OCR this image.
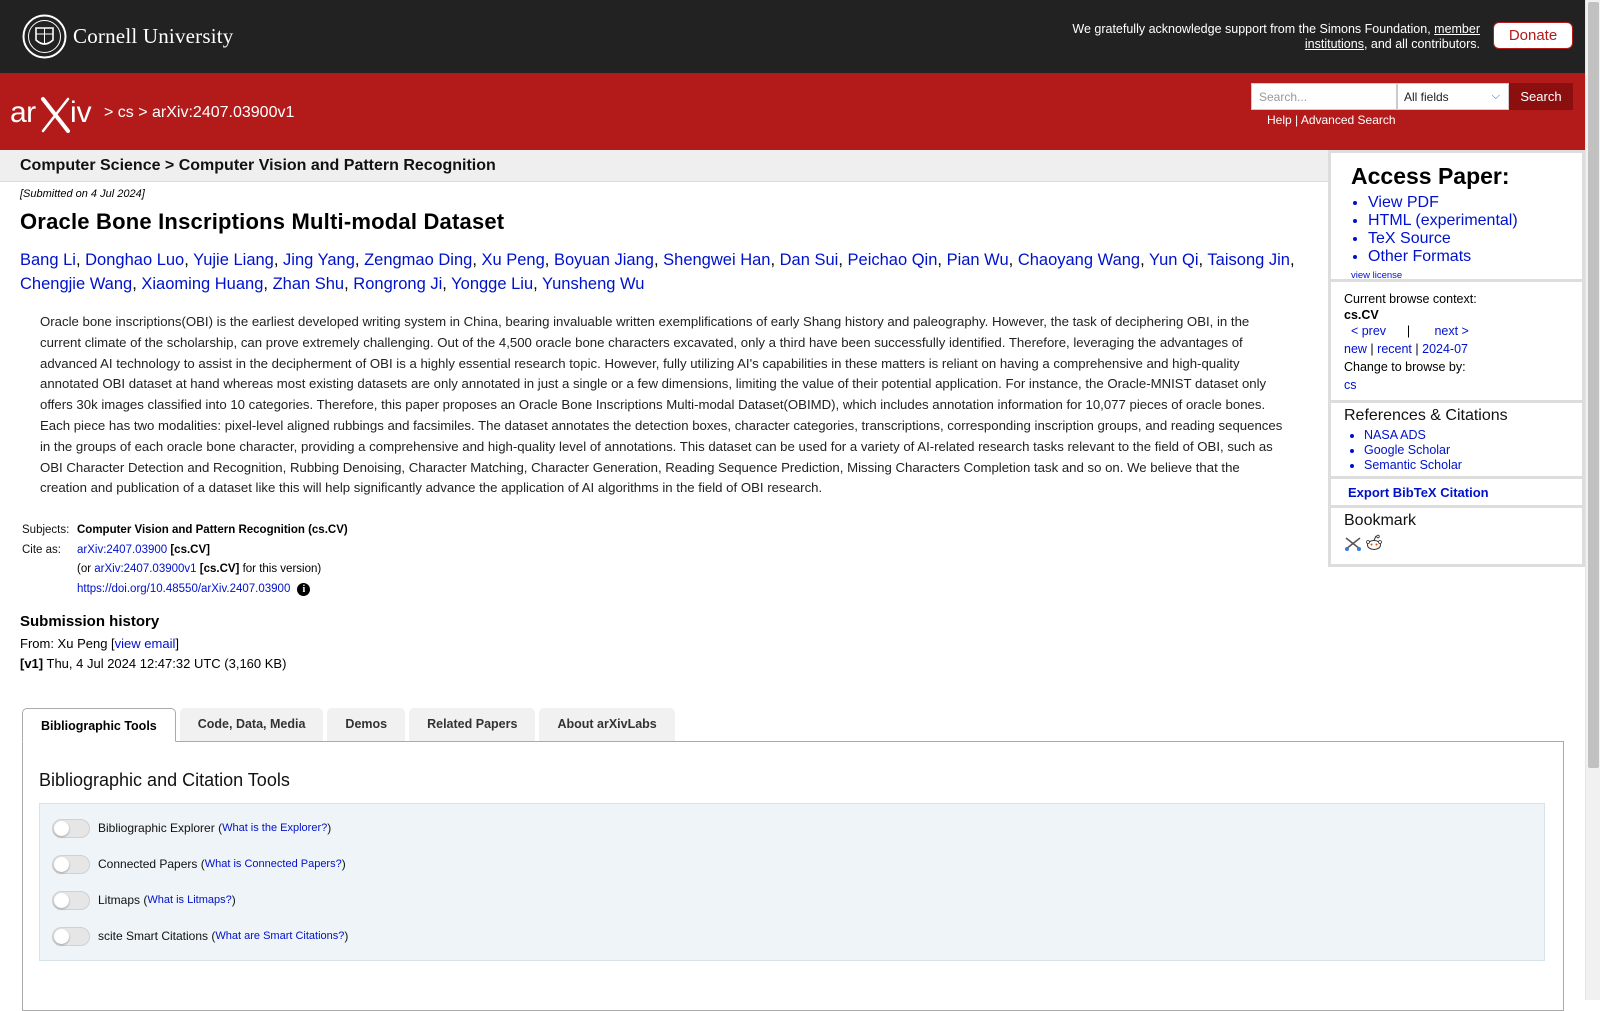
Cornell University	We gratefully acknowledge support from the Simons Foundation, member institutions, and all contributors.	Donate
ar iv > cs > arXiv:2407.03900v1
Search...	All fields	⌵	Search
Help | Advanced Search
Computer Science > Computer Vision and Pattern Recognition
[Submitted on 4 Jul 2024]
Oracle Bone Inscriptions Multi-modal Dataset
Bang Li, Donghao Luo, Yujie Liang, Jing Yang, Zengmao Ding, Xu Peng, Boyuan Jiang, Shengwei Han, Dan Sui, Peichao Qin, Pian Wu, Chaoyang Wang, Yun Qi, Taisong Jin, Chengjie Wang, Xiaoming Huang, Zhan Shu, Rongrong Ji, Yongge Liu, Yunsheng Wu
Oracle bone inscriptions(OBI) is the earliest developed writing system in China, bearing invaluable written exemplifications of early Shang history and paleography. However, the task of deciphering OBI, in the current climate of the scholarship, can prove extremely challenging. Out of the 4,500 oracle bone characters excavated, only a third have been successfully identified. Therefore, leveraging the advantages of advanced AI technology to assist in the decipherment of OBI is a highly essential research topic. However, fully utilizing AI's capabilities in these matters is reliant on having a comprehensive and high-quality annotated OBI dataset at hand whereas most existing datasets are only annotated in just a single or a few dimensions, limiting the value of their potential application. For instance, the Oracle-MNIST dataset only offers 30k images classified into 10 categories. Therefore, this paper proposes an Oracle Bone Inscriptions Multi-modal Dataset(OBIMD), which includes annotation information for 10,077 pieces of oracle bones. Each piece has two modalities: pixel-level aligned rubbings and facsimiles. The dataset annotates the detection boxes, character categories, transcriptions, corresponding inscription groups, and reading sequences in the groups of each oracle bone character, providing a comprehensive and high-quality level of annotations. This dataset can be used for a variety of AI-related research tasks relevant to the field of OBI, such as OBI Character Detection and Recognition, Rubbing Denoising, Character Matching, Character Generation, Reading Sequence Prediction, Missing Characters Completion task and so on. We believe that the creation and publication of a dataset like this will help significantly advance the application of AI algorithms in the field of OBI research.
Subjects: Computer Vision and Pattern Recognition (cs.CV)
Cite as:	arXiv:2407.03900 [cs.CV]
(or arXiv:2407.03900v1 [cs.CV] for this version)
https://doi.org/10.48550/arXiv.2407.03900 i
Submission history
From: Xu Peng [view email]
[v1] Thu, 4 Jul 2024 12:47:32 UTC (3,160 KB)
Bibliographic Tools	Code, Data, Media	Demos	Related Papers	About arXivLabs
Bibliographic and Citation Tools
Bibliographic Explorer ( What is the Explorer? )
Connected Papers ( What is Connected Papers? )
Litmaps ( What is Litmaps? )
scite Smart Citations ( What are Smart Citations? )
Access Paper:
• View PDF
• HTML (experimental)
• TeX Source
• Other Formats
view license
Current browse context:
cs.CV
< prev | next >
new | recent | 2024-07
Change to browse by:
cs
References & Citations
• NASA ADS
• Google Scholar
• Semantic Scholar
Export BibTeX Citation
Bookmark
